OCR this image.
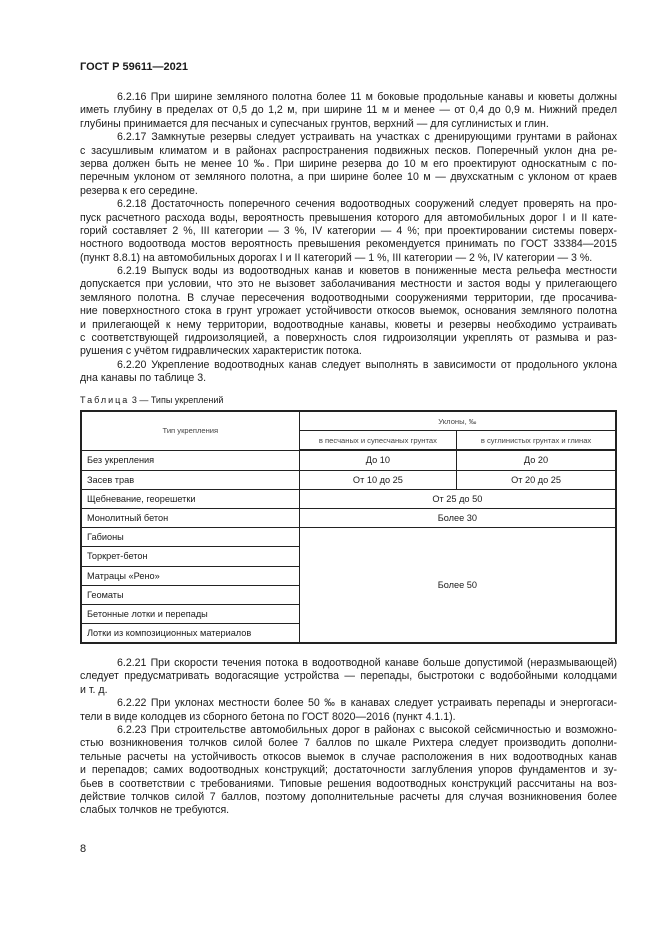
ГОСТ Р 59611—2021
6.2.16 При ширине земляного полотна более 11 м боковые продольные канавы и кюветы должны
иметь глубину в пределах от 0,5 до 1,2 м, при ширине 11 м и менее — от 0,4 до 0,9 м. Нижний предел
глубины принимается для песчаных и супесчаных грунтов, верхний — для суглинистых и глин.
6.2.17 Замкнутые резервы следует устраивать на участках с дренирующими грунтами в районах
с засушливым климатом и в районах распространения подвижных песков. Поперечный уклон дна ре-
зерва должен быть не менее 10 ‰. При ширине резерва до 10 м его проектируют односкатным с по-
перечным уклоном от земляного полотна, а при ширине более 10 м — двухскатным с уклоном от краев
резерва к его середине.
6.2.18 Достаточность поперечного сечения водоотводных сооружений следует проверять на про-
пуск расчетного расхода воды, вероятность превышения которого для автомобильных дорог I и II кате-
горий составляет 2 %, III категории — 3 %, IV категории — 4 %; при проектировании системы поверх-
ностного водоотвода мостов вероятность превышения рекомендуется принимать по ГОСТ 33384—2015
(пункт 8.8.1) на автомобильных дорогах I и II категорий — 1 %, III категории — 2 %, IV категории — 3 %.
6.2.19 Выпуск воды из водоотводных канав и кюветов в пониженные места рельефа местности
допускается при условии, что это не вызовет заболачивания местности и застоя воды у прилегающего
земляного полотна. В случае пересечения водоотводными сооружениями территории, где просачива-
ние поверхностного стока в грунт угрожает устойчивости откосов выемок, основания земляного полотна
и прилегающей к нему территории, водоотводные канавы, кюветы и резервы необходимо устраивать
с соответствующей гидроизоляцией, а поверхность слоя гидроизоляции укреплять от размыва и раз-
рушения с учётом гидравлических характеристик потока.
6.2.20 Укрепление водоотводных канав следует выполнять в зависимости от продольного уклона
дна канавы по таблице 3.
Таблица 3 — Типы укреплений
Тип укрепления	Уклоны, ‰	
	в песчаных и супесчаных грунтах	в суглинистых грунтах и глинах
Без укрепления	До 10	До 20
Засев трав	От 10 до 25	От 20 до 25
Щебневание, георешетки	От 25 до 50	
Монолитный бетон	Более 30	
Габионы	Более 50	
Торкрет-бетон		
Матрацы «Рено»		
Геоматы		
Бетонные лотки и перепады		
Лотки из композиционных материалов		
6.2.21 При скорости течения потока в водоотводной канаве больше допустимой (неразмывающей)
следует предусматривать водогасящие устройства — перепады, быстротоки с водобойными колодцами
и т. д.
6.2.22 При уклонах местности более 50 ‰ в канавах следует устраивать перепады и энергогаси-
тели в виде колодцев из сборного бетона по ГОСТ 8020—2016 (пункт 4.1.1).
6.2.23 При строительстве автомобильных дорог в районах с высокой сейсмичностью и возможно-
стью возникновения толчков силой более 7 баллов по шкале Рихтера следует производить дополни-
тельные расчеты на устойчивость откосов выемок в случае расположения в них водоотводных канав
и перепадов; самих водоотводных конструкций; достаточности заглубления упоров фундаментов и зу-
бьев в соответствии с требованиями. Типовые решения водоотводных конструкций рассчитаны на воз-
действие толчков силой 7 баллов, поэтому дополнительные расчеты для случая возникновения более
слабых толчков не требуются.
8
